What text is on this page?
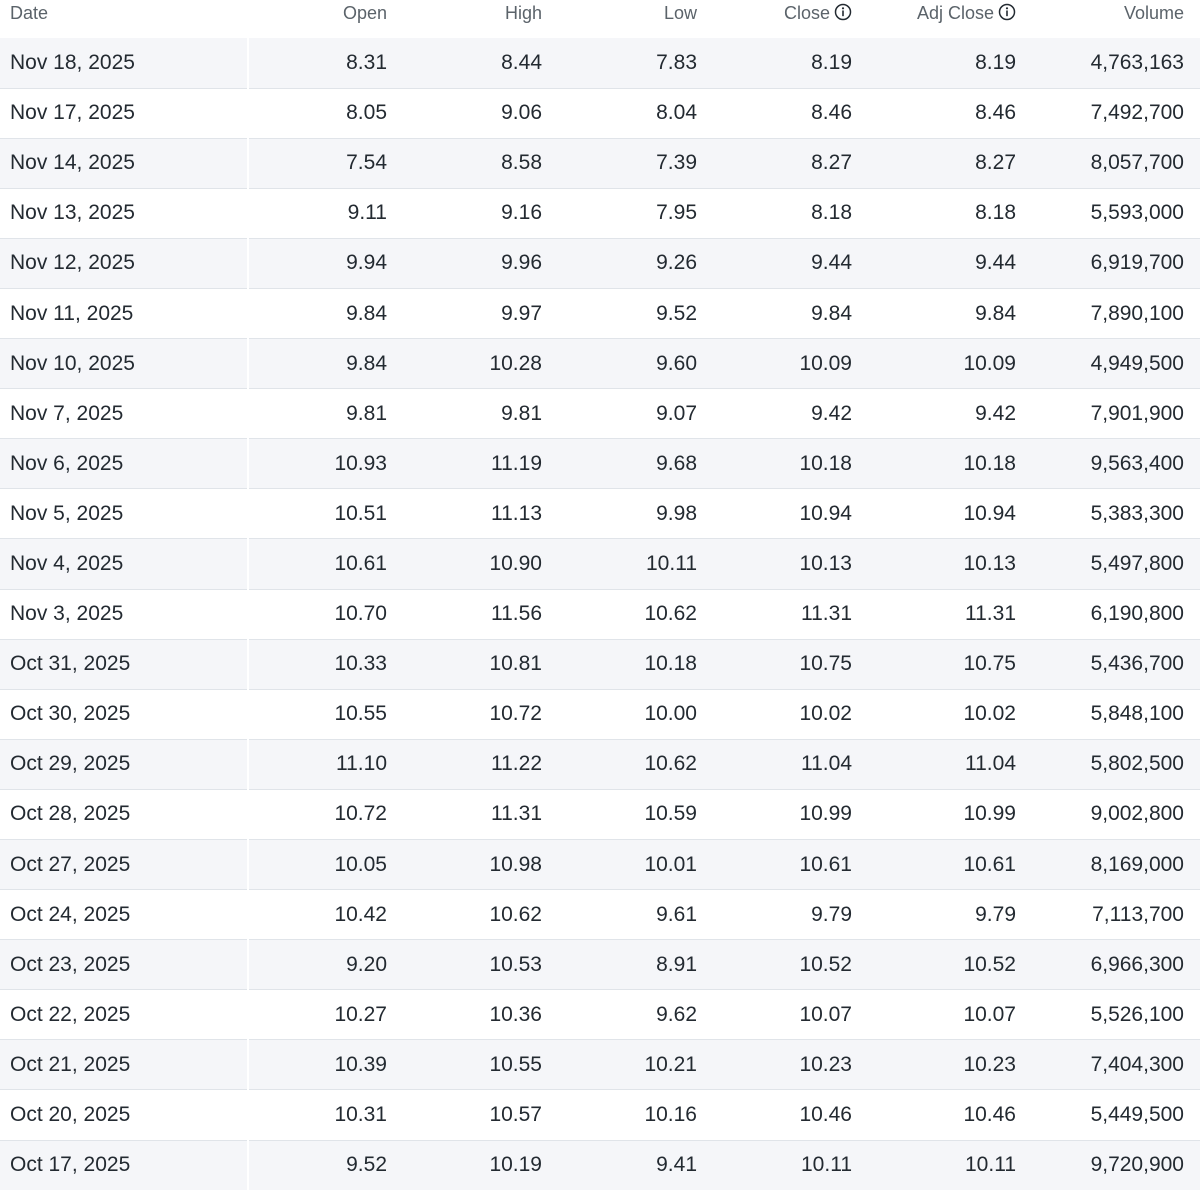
Date	Open	High	Low	Close	Adj Close	Volume
Nov 18, 2025	8.31	8.44	7.83	8.19	8.19	4,763,163
Nov 17, 2025	8.05	9.06	8.04	8.46	8.46	7,492,700
Nov 14, 2025	7.54	8.58	7.39	8.27	8.27	8,057,700
Nov 13, 2025	9.11	9.16	7.95	8.18	8.18	5,593,000
Nov 12, 2025	9.94	9.96	9.26	9.44	9.44	6,919,700
Nov 11, 2025	9.84	9.97	9.52	9.84	9.84	7,890,100
Nov 10, 2025	9.84	10.28	9.60	10.09	10.09	4,949,500
Nov 7, 2025	9.81	9.81	9.07	9.42	9.42	7,901,900
Nov 6, 2025	10.93	11.19	9.68	10.18	10.18	9,563,400
Nov 5, 2025	10.51	11.13	9.98	10.94	10.94	5,383,300
Nov 4, 2025	10.61	10.90	10.11	10.13	10.13	5,497,800
Nov 3, 2025	10.70	11.56	10.62	11.31	11.31	6,190,800
Oct 31, 2025	10.33	10.81	10.18	10.75	10.75	5,436,700
Oct 30, 2025	10.55	10.72	10.00	10.02	10.02	5,848,100
Oct 29, 2025	11.10	11.22	10.62	11.04	11.04	5,802,500
Oct 28, 2025	10.72	11.31	10.59	10.99	10.99	9,002,800
Oct 27, 2025	10.05	10.98	10.01	10.61	10.61	8,169,000
Oct 24, 2025	10.42	10.62	9.61	9.79	9.79	7,113,700
Oct 23, 2025	9.20	10.53	8.91	10.52	10.52	6,966,300
Oct 22, 2025	10.27	10.36	9.62	10.07	10.07	5,526,100
Oct 21, 2025	10.39	10.55	10.21	10.23	10.23	7,404,300
Oct 20, 2025	10.31	10.57	10.16	10.46	10.46	5,449,500
Oct 17, 2025	9.52	10.19	9.41	10.11	10.11	9,720,900
